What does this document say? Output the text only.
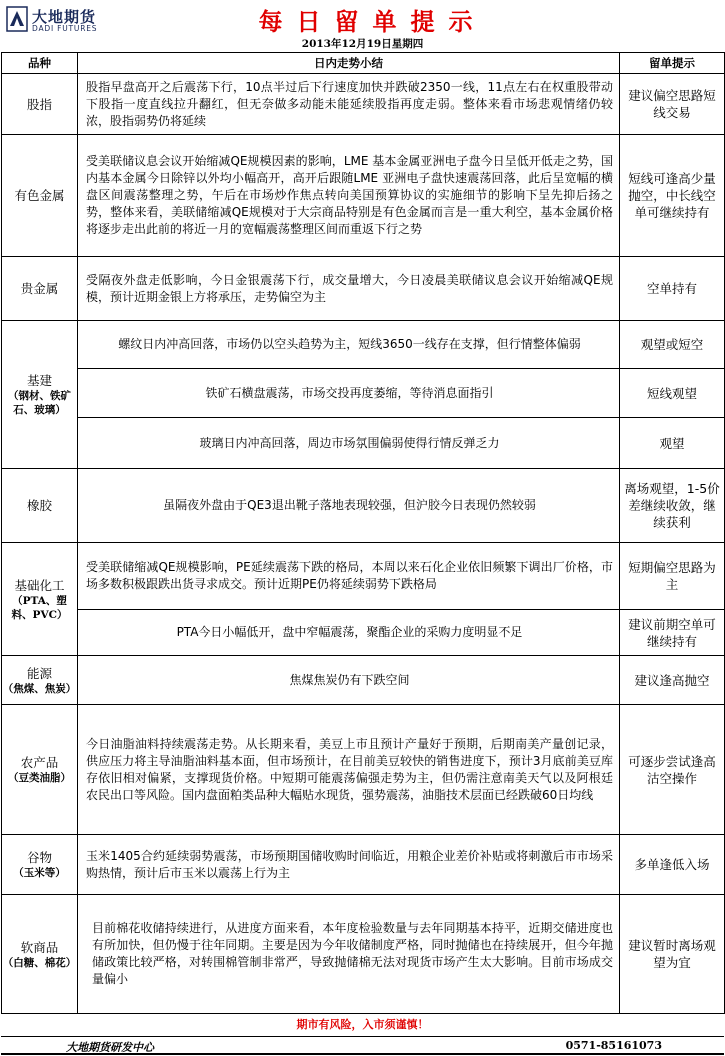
大地期货
DADI FUTURES	每日留单提示
2013年12月19日星期四
品种	日内走势小结	留单提示
股指	股指早盘高开之后震荡下行，10点半过后下行速度加快并跌破2350一线，11点左右在权重股带动下股指一度直线拉升翻红，但无奈做多动能未能延续股指再度走弱。整体来看市场悲观情绪仍较浓，股指弱势仍将延续	建议偏空思路短线交易
有色金属	受美联储议息会议开始缩减QE规模因素的影响，LME 基本金属亚洲电子盘今日呈低开低走之势，国内基本金属今日除锌以外均小幅高开，高开后跟随LME 亚洲电子盘快速震荡回落，此后呈宽幅的横盘区间震荡整理之势，午后在市场炒作焦点转向美国预算协议的实施细节的影响下呈先抑后扬之势，整体来看，美联储缩减QE规模对于大宗商品特别是有色金属而言是一重大利空，基本金属价格将逐步走出此前的将近一月的宽幅震荡整理区间而重返下行之势	短线可逢高少量抛空，中长线空单可继续持有
贵金属	受隔夜外盘走低影响，今日金银震荡下行，成交量增大，今日凌晨美联储议息会议开始缩减QE规模，预计近期金银上方将承压，走势偏空为主	空单持有
基建
（钢材、铁矿石、玻璃）	螺纹日内冲高回落，市场仍以空头趋势为主，短线3650一线存在支撑，但行情整体偏弱	观望或短空
	铁矿石横盘震荡，市场交投再度萎缩，等待消息面指引	短线观望
	玻璃日内冲高回落，周边市场氛围偏弱使得行情反弹乏力	观望
橡胶	虽隔夜外盘由于QE3退出靴子落地表现较强，但沪胶今日表现仍然较弱	离场观望，1-5价差继续收敛，继续获利
基础化工
（PTA、塑料、PVC）	受美联储缩减QE规模影响，PE延续震荡下跌的格局，本周以来石化企业依旧频繁下调出厂价格，市场多数积极跟跌出货寻求成交。预计近期PE仍将延续弱势下跌格局	短期偏空思路为主
	PTA今日小幅低开，盘中窄幅震荡，聚酯企业的采购力度明显不足	建议前期空单可继续持有
能源
（焦煤、焦炭）	焦煤焦炭仍有下跌空间	建议逢高抛空
农产品
（豆类油脂）	今日油脂油料持续震荡走势。从长期来看，美豆上市且预计产量好于预期，后期南美产量创记录，供应压力将主导油脂油料基本面，但市场预计，在目前美豆较快的销售进度下，预计3月底前美豆库存依旧相对偏紧，支撑现货价格。中短期可能震荡偏强走势为主，但仍需注意南美天气以及阿根廷农民出口等风险。国内盘面粕类品种大幅贴水现货，强势震荡，油脂技术层面已经跌破60日均线	可逐步尝试逢高沽空操作
谷物
（玉米等）	玉米1405合约延续弱势震荡，市场预期国储收购时间临近，用粮企业差价补贴或将刺激后市市场采购热情，预计后市玉米以震荡上行为主	多单逢低入场
软商品
（白糖、棉花）	目前棉花收储持续进行，从进度方面来看，本年度检验数量与去年同期基本持平，近期交储进度也有所加快，但仍慢于往年同期。主要是因为今年收储制度严格，同时抛储也在持续展开，但今年抛储政策比较严格，对转围棉管制非常严，导致抛储棉无法对现货市场产生太大影响。目前市场成交量偏小	建议暂时离场观望为宜
期市有风险，入市须谨慎！
大地期货研发中心	0571-85161073
